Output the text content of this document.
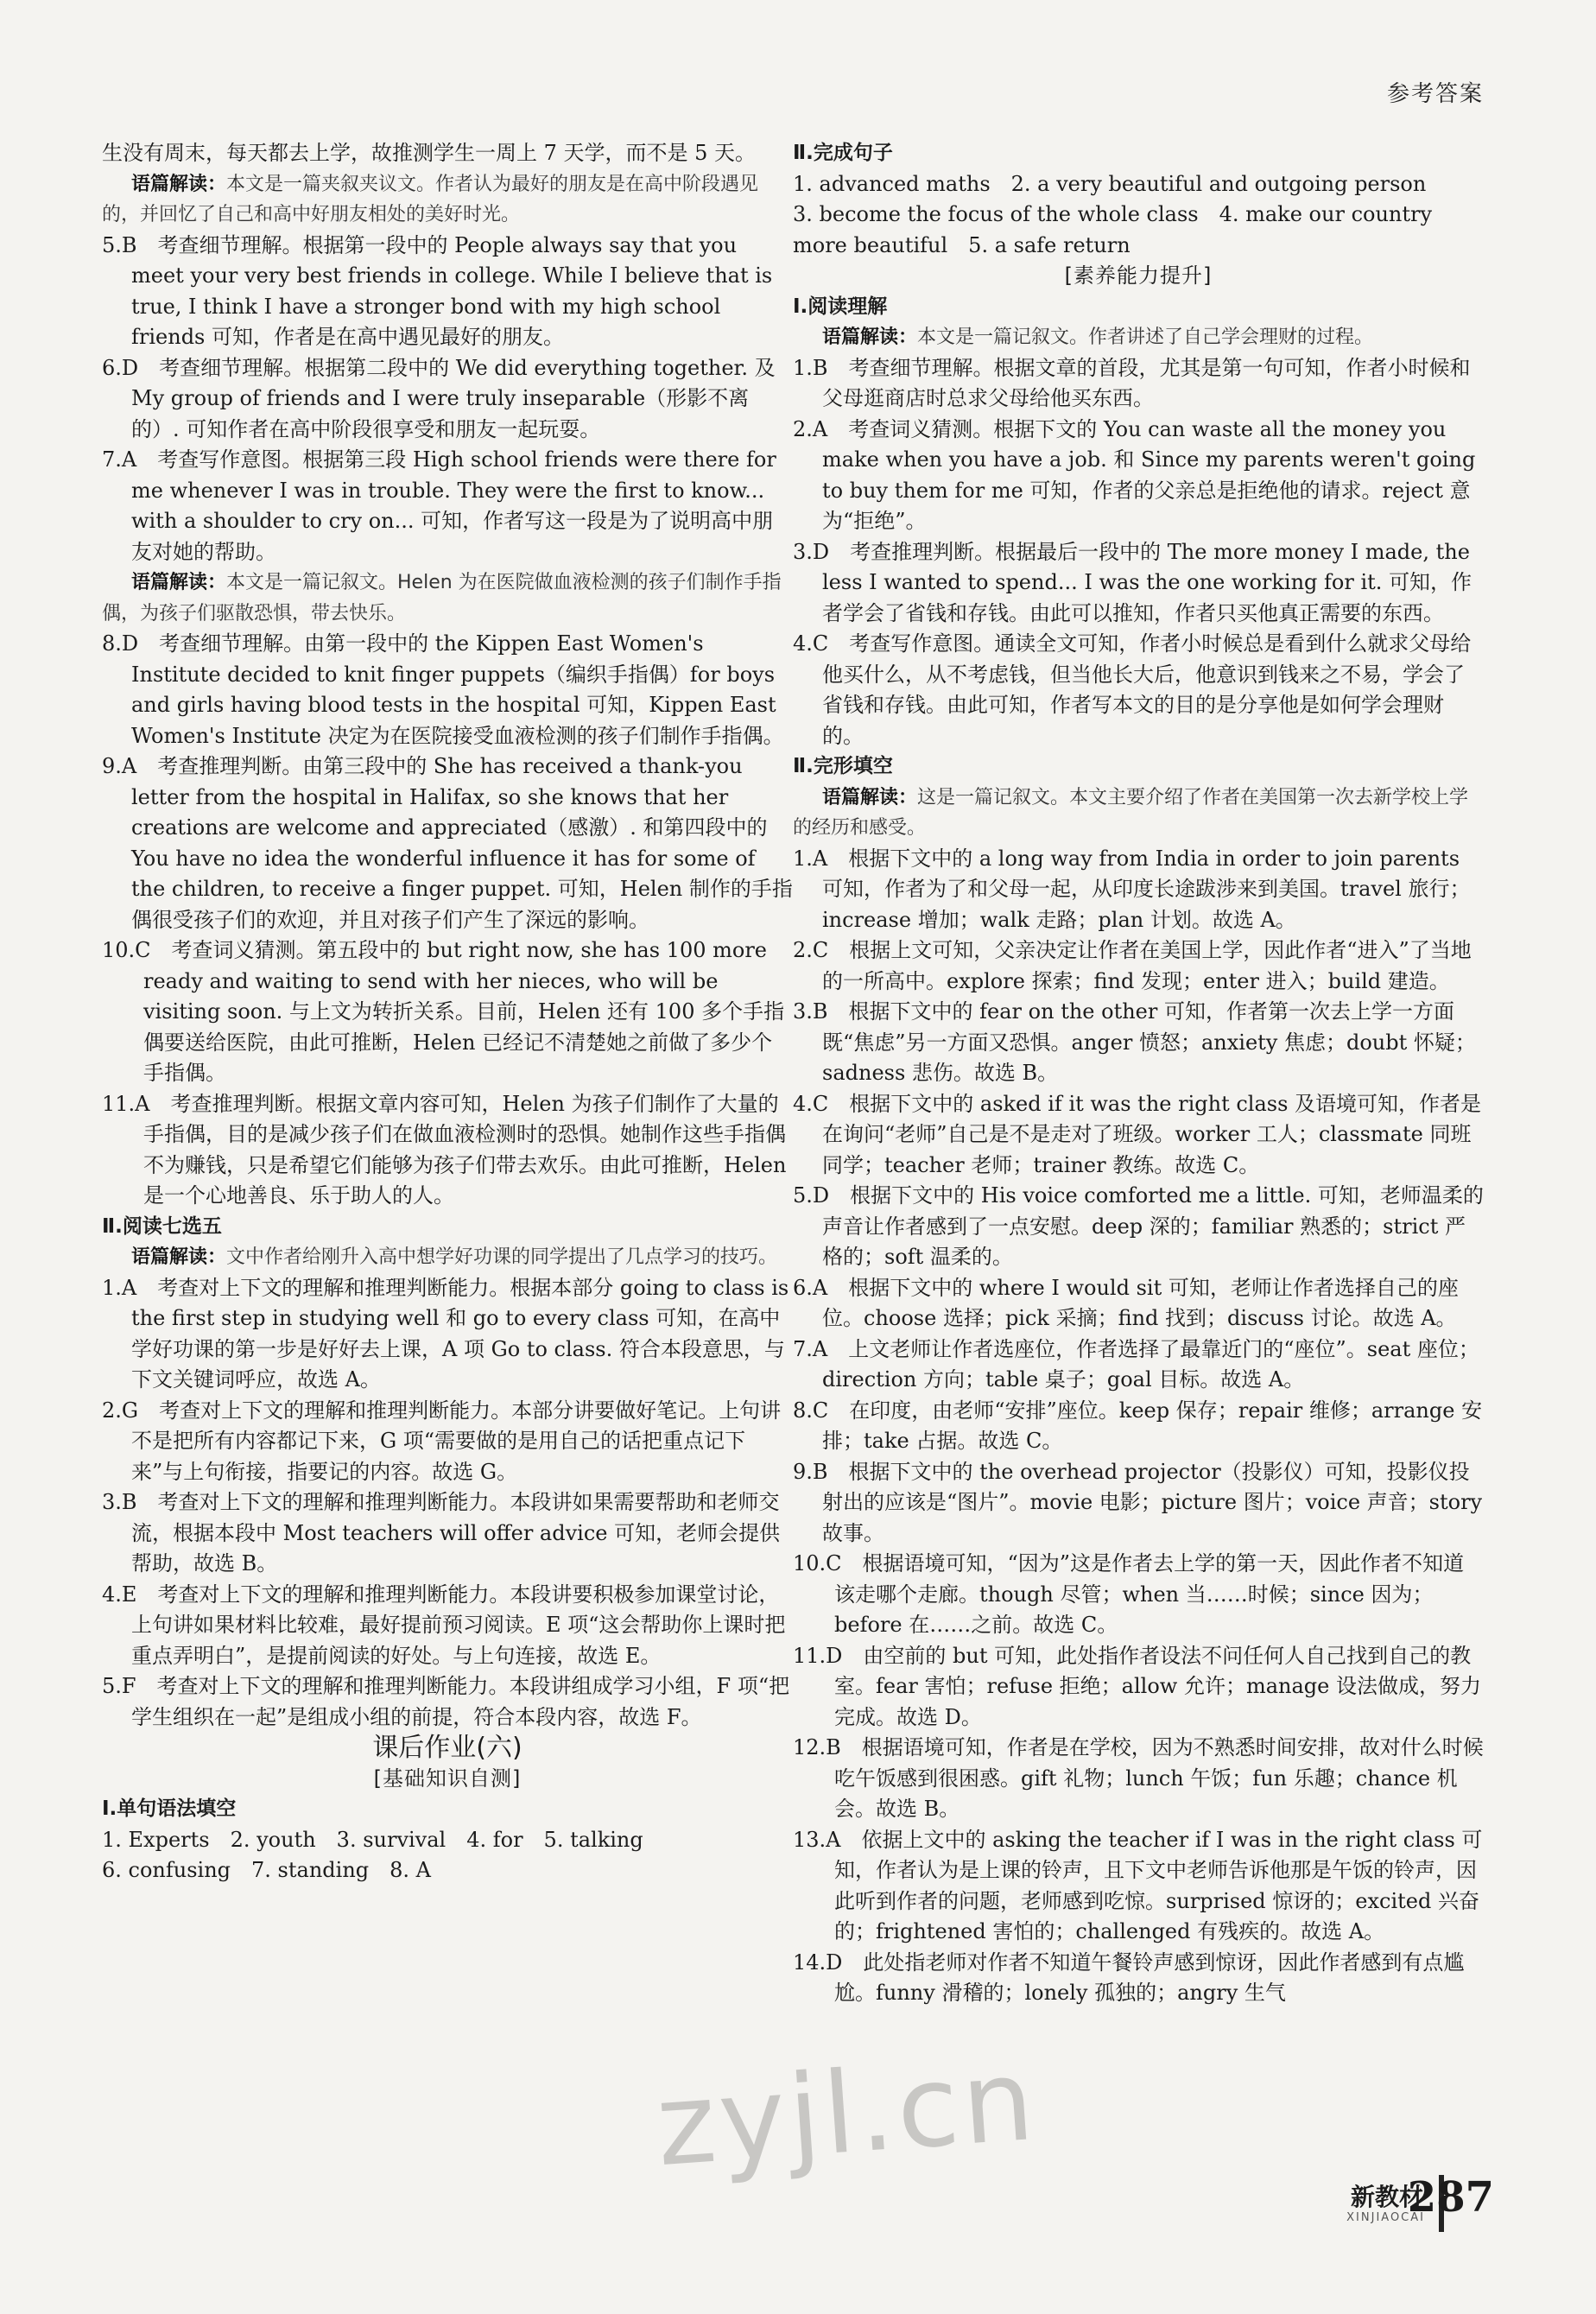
参考答案

生没有周末，每天都去上学，故推测学生一周上 7 天学，而不是 5 天。

语篇解读：本文是一篇夹叙夹议文。作者认为最好的朋友是在高中阶段遇见的，并回忆了自己和高中好朋友相处的美好时光。

5.B　考查细节理解。根据第一段中的 People always say that you meet your very best friends in college. While I believe that is true, I think I have a stronger bond with my high school friends 可知，作者是在高中遇见最好的朋友。

6.D　考查细节理解。根据第二段中的 We did everything together. 及 My group of friends and I were truly inseparable（形影不离的）. 可知作者在高中阶段很享受和朋友一起玩耍。

7.A　考查写作意图。根据第三段 High school friends were there for me whenever I was in trouble. They were the first to know... with a shoulder to cry on... 可知，作者写这一段是为了说明高中朋友对她的帮助。

语篇解读：本文是一篇记叙文。Helen 为在医院做血液检测的孩子们制作手指偶，为孩子们驱散恐惧，带去快乐。

8.D　考查细节理解。由第一段中的 the Kippen East Women's Institute decided to knit finger puppets（编织手指偶）for boys and girls having blood tests in the hospital 可知，Kippen East Women's Institute 决定为在医院接受血液检测的孩子们制作手指偶。

9.A　考查推理判断。由第三段中的 She has received a thank-you letter from the hospital in Halifax, so she knows that her creations are welcome and appreciated（感激）. 和第四段中的 You have no idea the wonderful influence it has for some of the children, to receive a finger puppet. 可知，Helen 制作的手指偶很受孩子们的欢迎，并且对孩子们产生了深远的影响。

10.C　考查词义猜测。第五段中的 but right now, she has 100 more ready and waiting to send with her nieces, who will be visiting soon. 与上文为转折关系。目前，Helen 还有 100 多个手指偶要送给医院，由此可推断，Helen 已经记不清楚她之前做了多少个手指偶。

11.A　考查推理判断。根据文章内容可知，Helen 为孩子们制作了大量的手指偶，目的是减少孩子们在做血液检测时的恐惧。她制作这些手指偶不为赚钱，只是希望它们能够为孩子们带去欢乐。由此可推断，Helen 是一个心地善良、乐于助人的人。

Ⅱ.阅读七选五

语篇解读：文中作者给刚升入高中想学好功课的同学提出了几点学习的技巧。

1.A　考查对上下文的理解和推理判断能力。根据本部分 going to class is the first step in studying well 和 go to every class 可知，在高中学好功课的第一步是好好去上课，A 项 Go to class. 符合本段意思，与下文关键词呼应，故选 A。

2.G　考查对上下文的理解和推理判断能力。本部分讲要做好笔记。上句讲不是把所有内容都记下来，G 项“需要做的是用自己的话把重点记下来”与上句衔接，指要记的内容。故选 G。

3.B　考查对上下文的理解和推理判断能力。本段讲如果需要帮助和老师交流，根据本段中 Most teachers will offer advice 可知，老师会提供帮助，故选 B。

4.E　考查对上下文的理解和推理判断能力。本段讲要积极参加课堂讨论，上句讲如果材料比较难，最好提前预习阅读。E 项“这会帮助你上课时把重点弄明白”，是提前阅读的好处。与上句连接，故选 E。

5.F　考查对上下文的理解和推理判断能力。本段讲组成学习小组，F 项“把学生组织在一起”是组成小组的前提，符合本段内容，故选 F。

课后作业(六)

[基础知识自测]

Ⅰ.单句语法填空

1. Experts　2. youth　3. survival　4. for　5. talking

6. confusing　7. standing　8. A

Ⅱ.完成句子

1. advanced maths　2. a very beautiful and outgoing person

3. become the focus of the whole class　4. make our country more beautiful　5. a safe return

[素养能力提升]

Ⅰ.阅读理解

语篇解读：本文是一篇记叙文。作者讲述了自己学会理财的过程。

1.B　考查细节理解。根据文章的首段，尤其是第一句可知，作者小时候和父母逛商店时总求父母给他买东西。

2.A　考查词义猜测。根据下文的 You can waste all the money you make when you have a job. 和 Since my parents weren't going to buy them for me 可知，作者的父亲总是拒绝他的请求。reject 意为“拒绝”。

3.D　考查推理判断。根据最后一段中的 The more money I made, the less I wanted to spend... I was the one working for it. 可知，作者学会了省钱和存钱。由此可以推知，作者只买他真正需要的东西。

4.C　考查写作意图。通读全文可知，作者小时候总是看到什么就求父母给他买什么，从不考虑钱，但当他长大后，他意识到钱来之不易，学会了省钱和存钱。由此可知，作者写本文的目的是分享他是如何学会理财的。

Ⅱ.完形填空

语篇解读：这是一篇记叙文。本文主要介绍了作者在美国第一次去新学校上学的经历和感受。

1.A　根据下文中的 a long way from India in order to join parents 可知，作者为了和父母一起，从印度长途跋涉来到美国。travel 旅行；increase 增加；walk 走路；plan 计划。故选 A。

2.C　根据上文可知，父亲决定让作者在美国上学，因此作者“进入”了当地的一所高中。explore 探索；find 发现；enter 进入；build 建造。

3.B　根据下文中的 fear on the other 可知，作者第一次去上学一方面既“焦虑”另一方面又恐惧。anger 愤怒；anxiety 焦虑；doubt 怀疑；sadness 悲伤。故选 B。

4.C　根据下文中的 asked if it was the right class 及语境可知，作者是在询问“老师”自己是不是走对了班级。worker 工人；classmate 同班同学；teacher 老师；trainer 教练。故选 C。

5.D　根据下文中的 His voice comforted me a little. 可知，老师温柔的声音让作者感到了一点安慰。deep 深的；familiar 熟悉的；strict 严格的；soft 温柔的。

6.A　根据下文中的 where I would sit 可知，老师让作者选择自己的座位。choose 选择；pick 采摘；find 找到；discuss 讨论。故选 A。

7.A　上文老师让作者选座位，作者选择了最靠近门的“座位”。seat 座位；direction 方向；table 桌子；goal 目标。故选 A。

8.C　在印度，由老师“安排”座位。keep 保存；repair 维修；arrange 安排；take 占据。故选 C。

9.B　根据下文中的 the overhead projector（投影仪）可知，投影仪投射出的应该是“图片”。movie 电影；picture 图片；voice 声音；story 故事。

10.C　根据语境可知，“因为”这是作者去上学的第一天，因此作者不知道该走哪个走廊。though 尽管；when 当……时候；since 因为；before 在……之前。故选 C。

11.D　由空前的 but 可知，此处指作者设法不问任何人自己找到自己的教室。fear 害怕；refuse 拒绝；allow 允许；manage 设法做成，努力完成。故选 D。

12.B　根据语境可知，作者是在学校，因为不熟悉时间安排，故对什么时候吃午饭感到很困惑。gift 礼物；lunch 午饭；fun 乐趣；chance 机会。故选 B。

13.A　依据上文中的 asking the teacher if I was in the right class 可知，作者认为是上课的铃声，且下文中老师告诉他那是午饭的铃声，因此听到作者的问题，老师感到吃惊。surprised 惊讶的；excited 兴奋的；frightened 害怕的；challenged 有残疾的。故选 A。

14.D　此处指老师对作者不知道午餐铃声感到惊讶，因此作者感到有点尴尬。funny 滑稽的；lonely 孤独的；angry 生气

zyjl.cn
新教材
XINJIAOCAI
287
